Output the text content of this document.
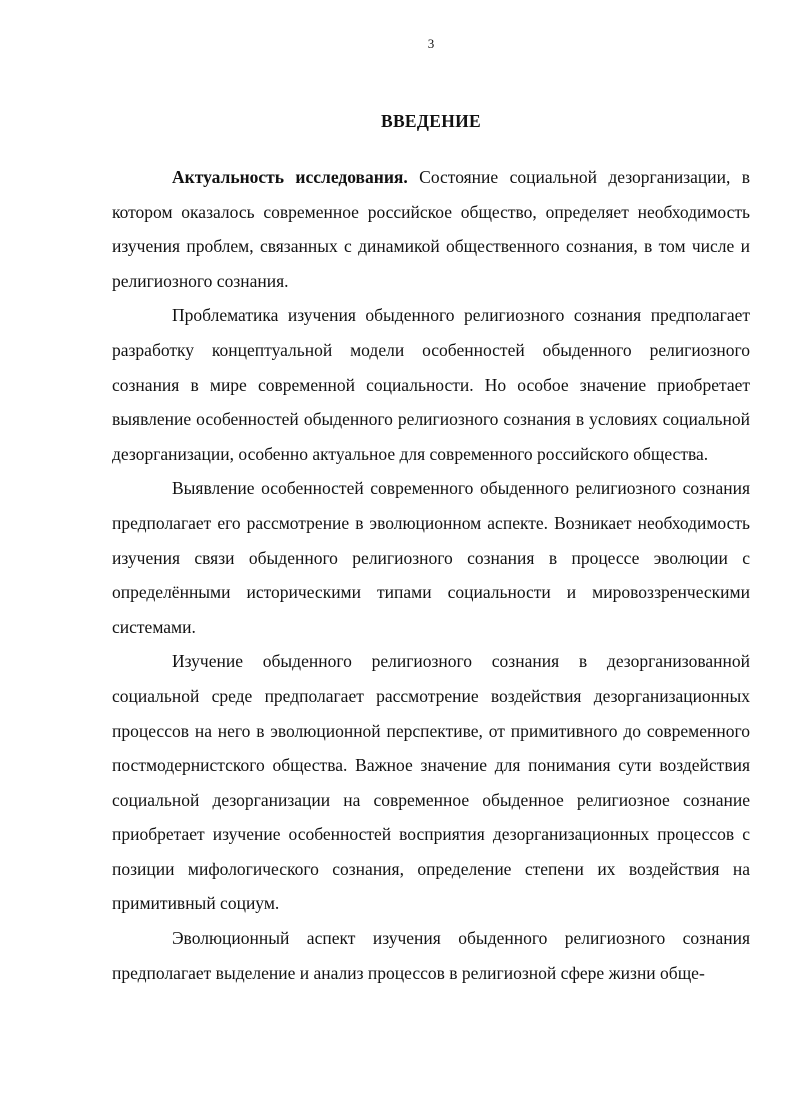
3
ВВЕДЕНИЕ

Актуальность исследования. Состояние социальной дезорганизации, в котором оказалось современное российское общество, определяет необходимость изучения проблем, связанных с динамикой общественного сознания, в том числе и религиозного сознания.

Проблематика изучения обыденного религиозного сознания предполагает разработку концептуальной модели особенностей обыденного религиозного сознания в мире современной социальности. Но особое значение приобретает выявление особенностей обыденного религиозного сознания в условиях социальной дезорганизации, особенно актуальное для современного российского общества.

Выявление особенностей современного обыденного религиозного сознания предполагает его рассмотрение в эволюционном аспекте. Возникает необходимость изучения связи обыденного религиозного сознания в процессе эволюции с определёнными историческими типами социальности и мировоззренческими системами.

Изучение обыденного религиозного сознания в дезорганизованной социальной среде предполагает рассмотрение воздействия дезорганизационных процессов на него в эволюционной перспективе, от примитивного до современного постмодернистского общества. Важное значение для понимания сути воздействия социальной дезорганизации на современное обыденное религиозное сознание приобретает изучение особенностей восприятия дезорганизационных процессов с позиции мифологического сознания, определение степени их воздействия на примитивный социум.

Эволюционный аспект изучения обыденного религиозного сознания предполагает выделение и анализ процессов в религиозной сфере жизни обще-
